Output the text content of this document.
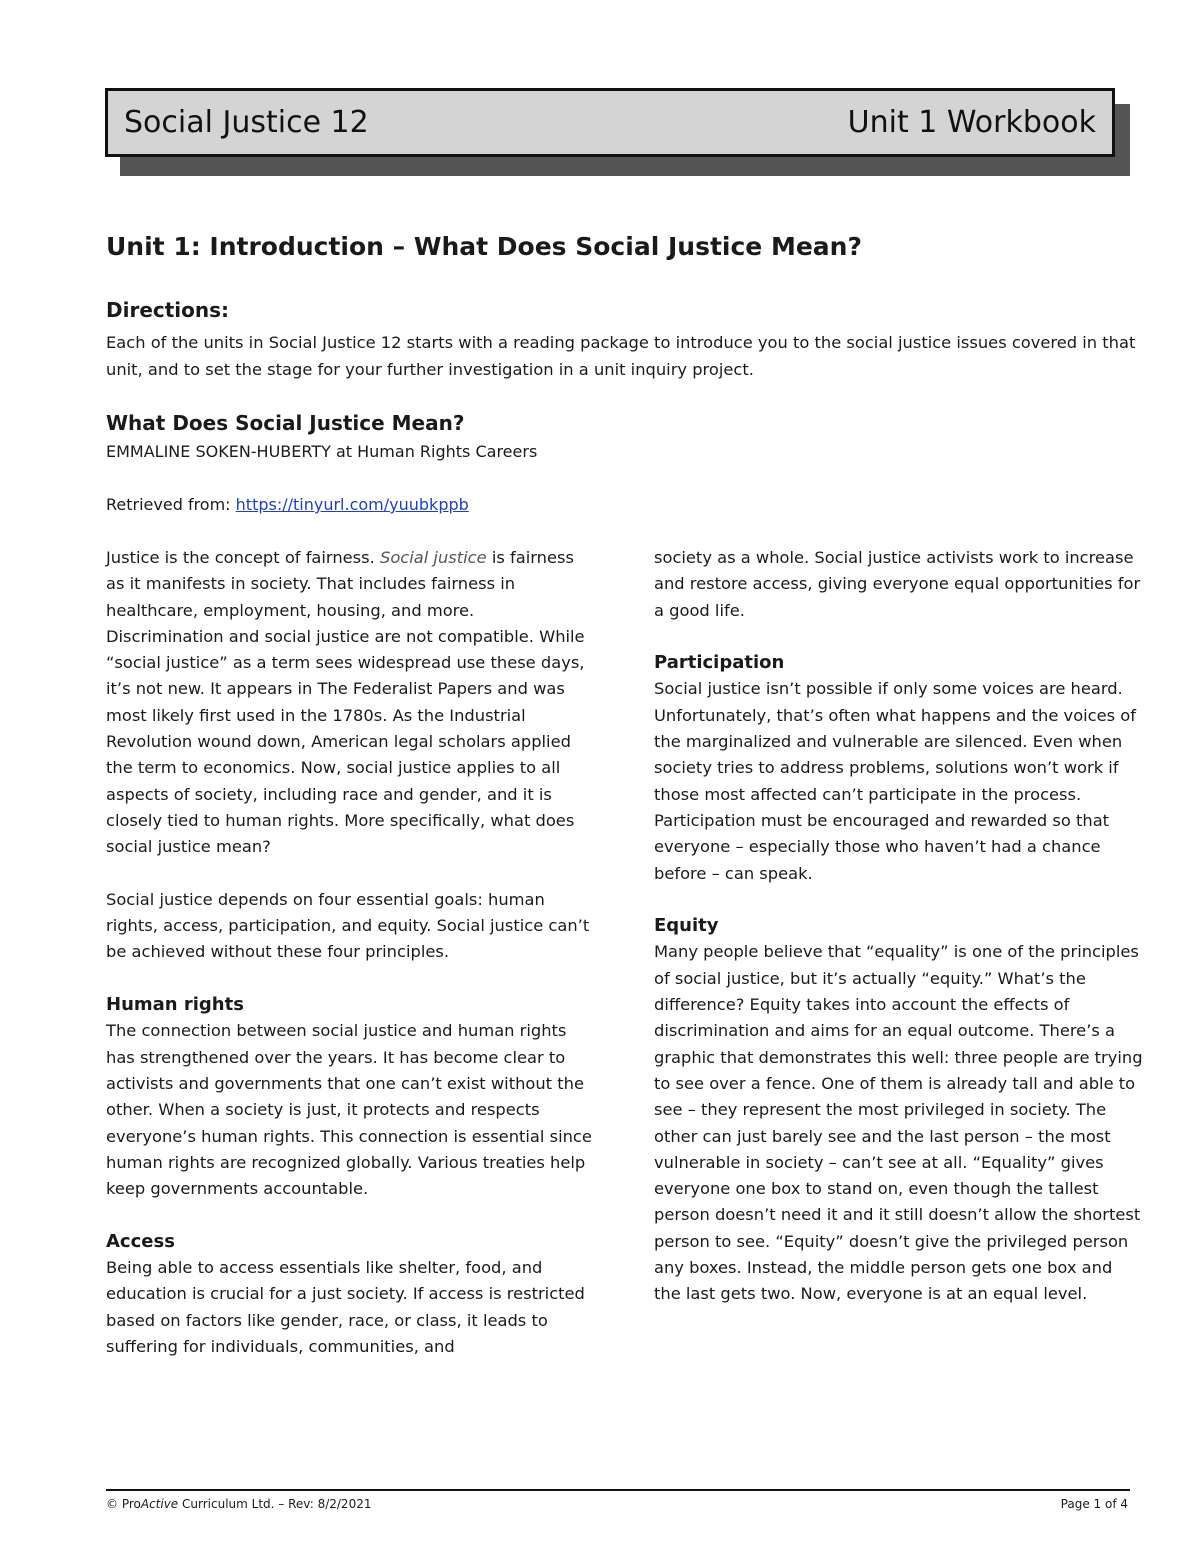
Social Justice 12	Unit 1 Workbook
Unit 1: Introduction – What Does Social Justice Mean?
Directions:

Each of the units in Social Justice 12 starts with a reading package to introduce you to the social justice issues covered in that unit, and to set the stage for your further investigation in a unit inquiry project.

What Does Social Justice Mean?

EMMALINE SOKEN-HUBERTY at Human Rights Careers

Retrieved from: https://tinyurl.com/yuubkppb

Justice is the concept of fairness. Social justice is fairness as it manifests in society. That includes fairness in healthcare, employment, housing, and more. Discrimination and social justice are not compatible. While “social justice” as a term sees widespread use these days, it’s not new. It appears in The Federalist Papers and was most likely first used in the 1780s. As the Industrial Revolution wound down, American legal scholars applied the term to economics. Now, social justice applies to all aspects of society, including race and gender, and it is closely tied to human rights. More specifically, what does social justice mean?

Social justice depends on four essential goals: human rights, access, participation, and equity. Social justice can’t be achieved without these four principles.

Human rights

The connection between social justice and human rights has strengthened over the years. It has become clear to activists and governments that one can’t exist without the other. When a society is just, it protects and respects everyone’s human rights. This connection is essential since human rights are recognized globally. Various treaties help keep governments accountable.

Access

Being able to access essentials like shelter, food, and education is crucial for a just society. If access is restricted based on factors like gender, race, or class, it leads to suffering for individuals, communities, and

society as a whole. Social justice activists work to increase and restore access, giving everyone equal opportunities for a good life.

Participation

Social justice isn’t possible if only some voices are heard. Unfortunately, that’s often what happens and the voices of the marginalized and vulnerable are silenced. Even when society tries to address problems, solutions won’t work if those most affected can’t participate in the process. Participation must be encouraged and rewarded so that everyone – especially those who haven’t had a chance before – can speak.

Equity

Many people believe that “equality” is one of the principles of social justice, but it’s actually “equity.” What’s the difference? Equity takes into account the effects of discrimination and aims for an equal outcome. There’s a graphic that demonstrates this well: three people are trying to see over a fence. One of them is already tall and able to see – they represent the most privileged in society. The other can just barely see and the last person – the most vulnerable in society – can’t see at all. “Equality” gives everyone one box to stand on, even though the tallest person doesn’t need it and it still doesn’t allow the shortest person to see. “Equity” doesn’t give the privileged person any boxes. Instead, the middle person gets one box and the last gets two. Now, everyone is at an equal level.

© ProActive Curriculum Ltd. – Rev: 8/2/2021	Page 1 of 4
